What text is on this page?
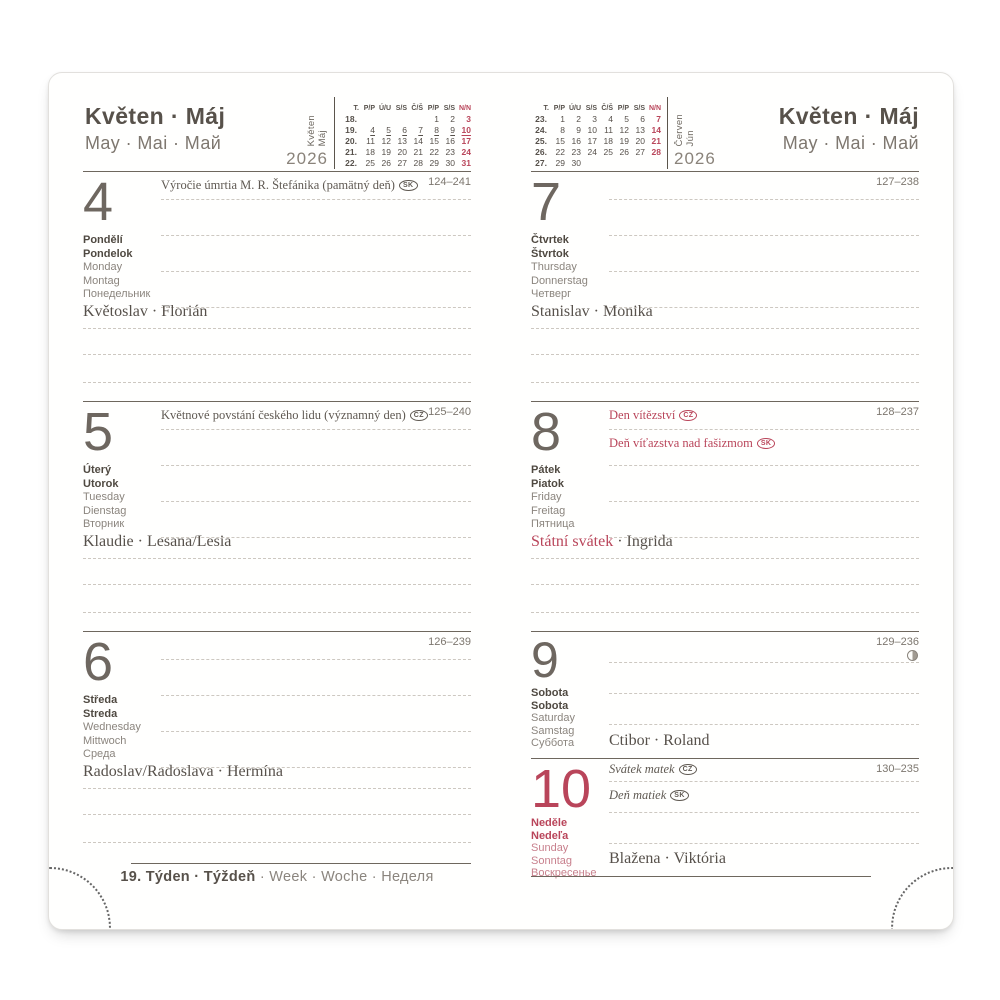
Květen · Máj
May · Mai · Май	Květen Máj
2026
T.	P/P	Ú/U	S/S	Č/Š	P/P	S/S	N/N
18.					1	2	3
19.	4	5	6	7	8	9	10
20.	11	12	13	14	15	16	17
21.	18	19	20	21	22	23	24
22.	25	26	27	28	29	30	31
124–241
4
Pondělí
Pondelok
Monday
Montag
Понедельник
Výročie úmrtia M. R. Štefánika (pamätný deň) SK
Květoslav · Florián
125–240
5
Úterý
Utorok
Tuesday
Dienstag
Вторник
Květnové povstání českého lidu (významný den) CZ
Klaudie · Lesana/Lesia
126–239
6
Středa
Streda
Wednesday
Mittwoch
Среда
Radoslav/Radoslava · Hermína
19. Týden · Týždeň · Week · Woche · Неделя
T.	P/P	Ú/U	S/S	Č/Š	P/P	S/S	N/N
23.	1	2	3	4	5	6	7
24.	8	9	10	11	12	13	14
25.	15	16	17	18	19	20	21
26.	22	23	24	25	26	27	28
27.	29	30					
Červen Jún
2026
Květen · Máj
May · Mai · Май
127–238
7
Čtvrtek
Štvrtok
Thursday
Donnerstag
Четверг
Stanislav · Monika
128–237
8
Pátek
Piatok
Friday
Freitag
Пятница
Den vítězství CZ
Deň víťazstva nad fašizmom SK
Státní svátek · Ingrida
129–236
9
Sobota
Sobota
Saturday
Samstag
Суббота	Ctibor · Roland
130–235
10
Neděle
Nedeľa
Sunday
Sonntag
Воскресенье
Svátek matek CZ
Deň matiek SK
Blažena · Viktória
